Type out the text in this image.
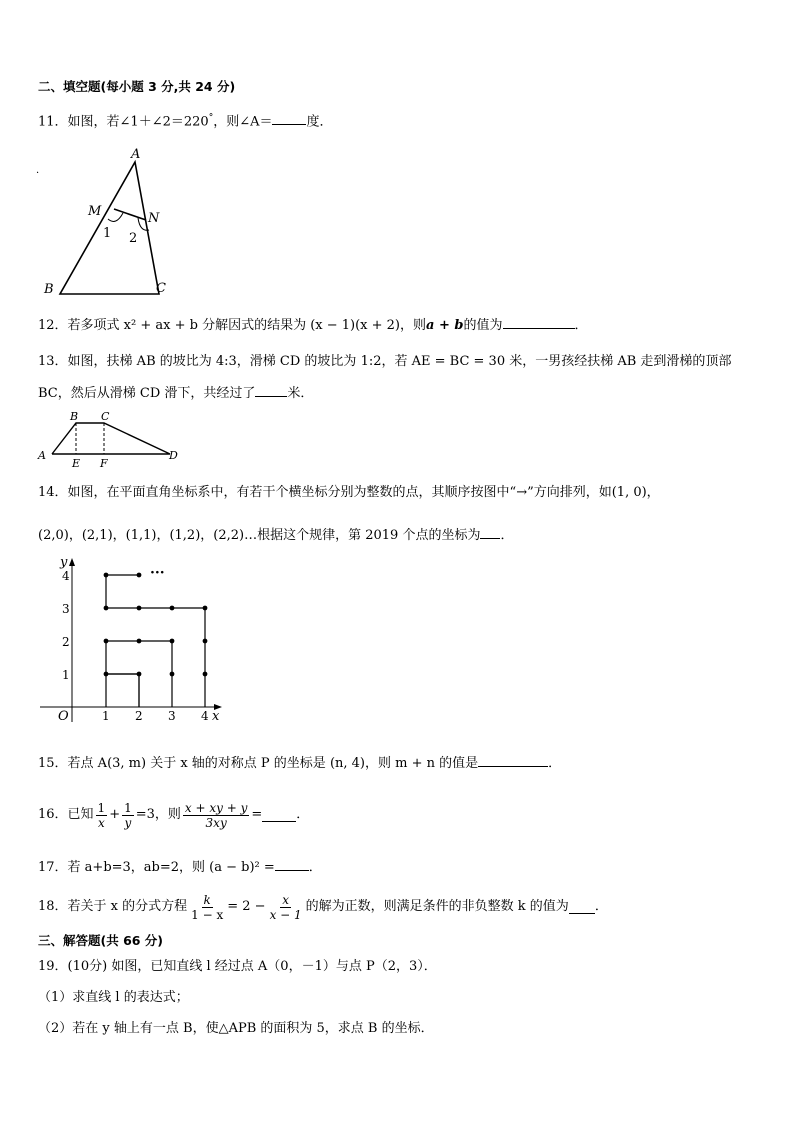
二、填空题(每小题 3 分,共 24 分)
11．如图，若∠1＋∠2＝220°，则∠A＝	度．
A
M	N
1 2
B	C
·
12．若多项式 x² + ax + b 分解因式的结果为 (x − 1)(x + 2)，则a + b的值为	．
13．如图，扶梯 AB 的坡比为 4:3，滑梯 CD 的坡比为 1:2，若 AE = BC = 30 米，一男孩经扶梯 AB 走到滑梯的顶部
BC，然后从滑梯 CD 滑下，共经过了 米．
A
B C
D
E F
14．如图，在平面直角坐标系中，有若干个横坐标分别为整数的点，其顺序按图中“→”方向排列，如(1, 0)，
(2,0)，(2,1)，(1,1)，(1,2)，(2,2)…根据这个规律，第 2019 个点的坐标为 ．
y
x
O	1 2 3 4
1
2
3
4	···
15．若点 A(3, m) 关于 x 轴的对称点 P 的坐标是 (n, 4)，则 m + n 的值是	．
16．已知 $\frac{1}{x} + \frac{1}{y} =3$，则 $\frac{x + xy + y}{3xy}$ =	．
17．若 a+b=3，ab=2，则 (a − b)² =	．
18．若关于 x 的分式方程 $\frac{k}{1 - x} = 2 - \frac{x}{x - 1}$ 的解为正数，则满足条件的非负整数 k 的值为 ．
三、解答题(共 66 分)
19．(10分) 如图，已知直线 l 经过点 A（0，－1）与点 P（2，3）．
（1）求直线 l 的表达式；
（2）若在 y 轴上有一点 B，使△APB 的面积为 5，求点 B 的坐标．
